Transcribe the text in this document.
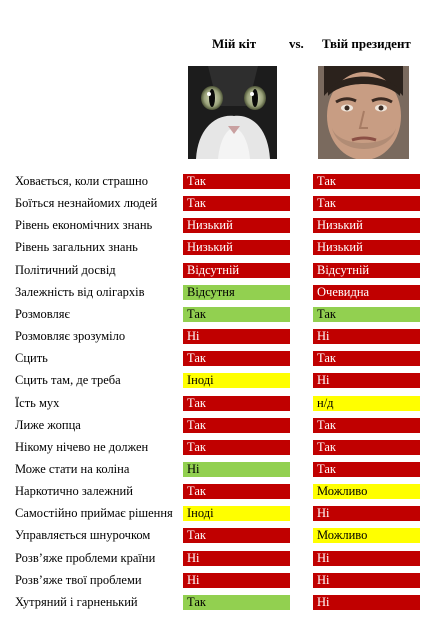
Мій кіт	vs. Твій президент
Ховається, коли страшно	Так	Так
Боїться незнайомих людей	Так	Так
Рівень економічних знань	Низький	Низький
Рівень загальних знань	Низький	Низький
Політичний досвід	Відсутній	Відсутній
Залежність від олігархів	Відсутня	Очевидна
Розмовляє	Так	Так
Розмовляє зрозуміло	Ні	Ні
Сцить	Так	Так
Сцить там, де треба	Іноді	Ні
Їсть мух	Так	н/д
Лиже жопца	Так	Так
Нікому нічево не должен	Так	Так
Може стати на коліна	Ні	Так
Наркотично залежний	Так	Можливо
Самостійно приймає рішення	Іноді	Ні
Управляється шнурочком	Так	Можливо
Розв’яже проблеми країни	Ні	Ні
Розв’яже твої проблеми	Ні	Ні
Хутряний і гарненький	Так	Ні
